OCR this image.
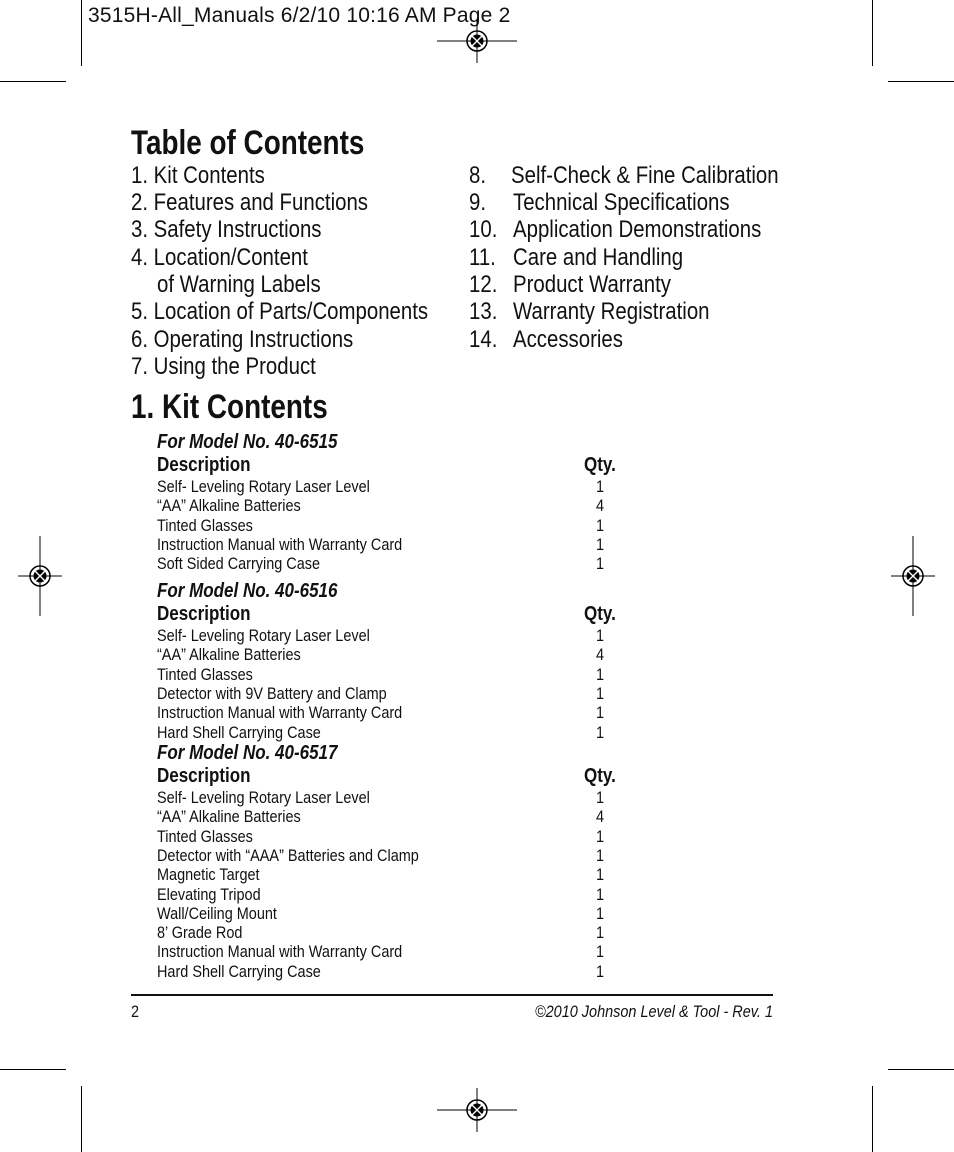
3515H-All_Manuals 6/2/10 10:16 AM Page 2
Table of Contents
1. Kit Contents
2. Features and Functions
3. Safety Instructions
4. Location/Content
of Warning Labels
5. Location of Parts/Components
6. Operating Instructions
7. Using the Product
8. Self-Check & Fine Calibration
9. Technical Specifications
10. Application Demonstrations
11. Care and Handling
12. Product Warranty
13. Warranty Registration
14. Accessories
1. Kit Contents
For Model No. 40-6515
Description	Qty.
Self- Leveling Rotary Laser Level	1
“AA” Alkaline Batteries	4
Tinted Glasses	1
Instruction Manual with Warranty Card	1
Soft Sided Carrying Case	1
For Model No. 40-6516
Description	Qty.
Self- Leveling Rotary Laser Level	1
“AA” Alkaline Batteries	4
Tinted Glasses	1
Detector with 9V Battery and Clamp	1
Instruction Manual with Warranty Card	1
Hard Shell Carrying Case	1
For Model No. 40-6517
Description	Qty.
Self- Leveling Rotary Laser Level	1
“AA” Alkaline Batteries	4
Tinted Glasses	1
Detector with “AAA” Batteries and Clamp	1
Magnetic Target	1
Elevating Tripod	1
Wall/Ceiling Mount	1
8’ Grade Rod	1
Instruction Manual with Warranty Card	1
Hard Shell Carrying Case	1
2	©2010 Johnson Level & Tool - Rev. 1
